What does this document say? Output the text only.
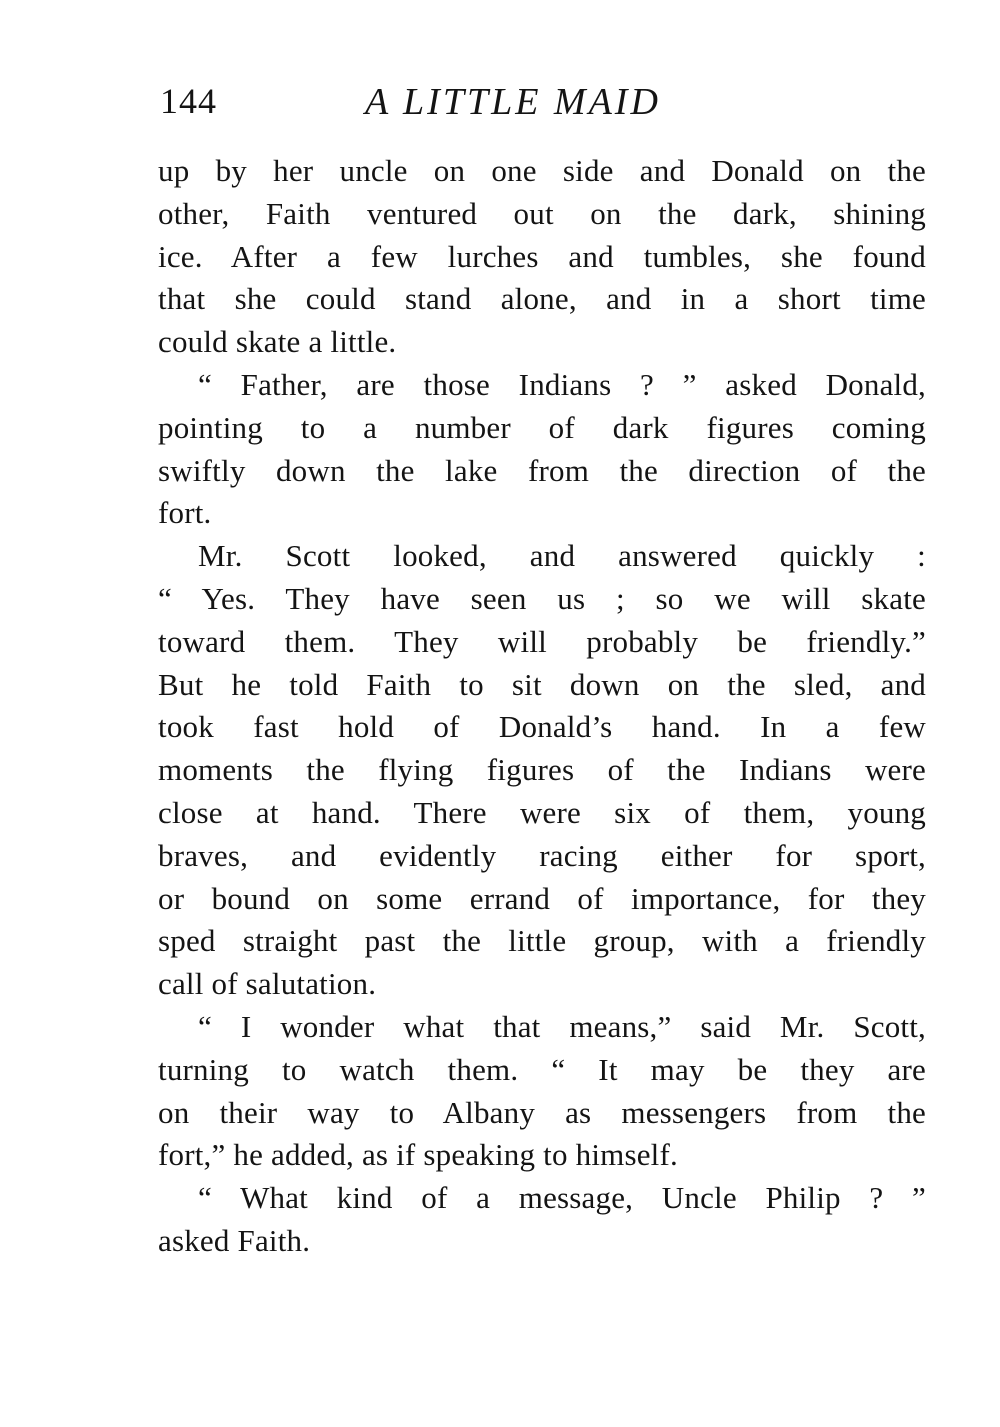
144	A LITTLE MAID
up by her uncle on one side and Donald on the
other, Faith ventured out on the dark, shining
ice. After a few lurches and tumbles, she found
that she could stand alone, and in a short time
could skate a little.
“ Father, are those Indians ? ” asked Donald,
pointing to a number of dark figures coming
swiftly down the lake from the direction of the
fort.
Mr. Scott looked, and answered quickly :
“ Yes. They have seen us ; so we will skate
toward them. They will probably be friendly.”
But he told Faith to sit down on the sled, and
took fast hold of Donald’s hand. In a few
moments the flying figures of the Indians were
close at hand. There were six of them, young
braves, and evidently racing either for sport,
or bound on some errand of importance, for they
sped straight past the little group, with a friendly
call of salutation.
“ I wonder what that means,” said Mr. Scott,
turning to watch them. “ It may be they are
on their way to Albany as messengers from the
fort,” he added, as if speaking to himself.
“ What kind of a message, Uncle Philip ? ”
asked Faith.
